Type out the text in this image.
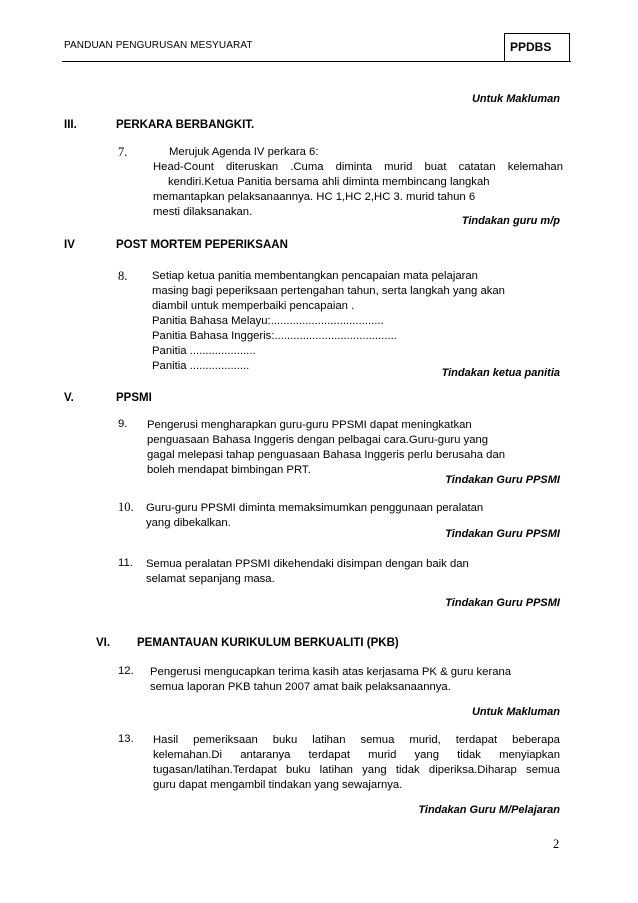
PANDUAN PENGURUSAN MESYUARAT	PPDBS
Untuk Makluman
III.	PERKARA BERBANGKIT.
7.	Merujuk Agenda IV perkara 6:
Head-Count diteruskan .Cuma diminta murid buat catatan kelemahan
kendiri.Ketua Panitia bersama ahli diminta membincang langkah
memantapkan pelaksanaannya. HC 1,HC 2,HC 3. murid tahun 6
mesti dilaksanakan.
Tindakan guru m/p
IV	POST MORTEM PEPERIKSAAN
8. Setiap ketua panitia membentangkan pencapaian mata pelajaran
masing bagi peperiksaan pertengahan tahun, serta langkah yang akan
diambil untuk memperbaiki pencapaian .
Panitia Bahasa Melayu:....................................
Panitia Bahasa Inggeris:.......................................
Panitia .....................
Panitia ...................
Tindakan ketua panitia
V.	PPSMI
9. Pengerusi mengharapkan guru-guru PPSMI dapat meningkatkan
penguasaan Bahasa Inggeris dengan pelbagai cara.Guru-guru yang
gagal melepasi tahap penguasaan Bahasa Inggeris perlu berusaha dan
boleh mendapat bimbingan PRT.
Tindakan Guru PPSMI
10. Guru-guru PPSMI diminta memaksimumkan penggunaan peralatan
yang dibekalkan.
Tindakan Guru PPSMI
11. Semua peralatan PPSMI dikehendaki disimpan dengan baik dan
selamat sepanjang masa.
Tindakan Guru PPSMI
VI. PEMANTAUAN KURIKULUM BERKUALITI (PKB)
12. Pengerusi mengucapkan terima kasih atas kerjasama PK & guru kerana
semua laporan PKB tahun 2007 amat baik pelaksanaannya.
Untuk Makluman
13. Hasil pemeriksaan buku latihan semua murid, terdapat beberapa
kelemahan.Di antaranya terdapat murid yang tidak menyiapkan
tugasan/latihan.Terdapat buku latihan yang tidak diperiksa.Diharap semua
guru dapat mengambil tindakan yang sewajarnya.
Tindakan Guru M/Pelajaran
2
